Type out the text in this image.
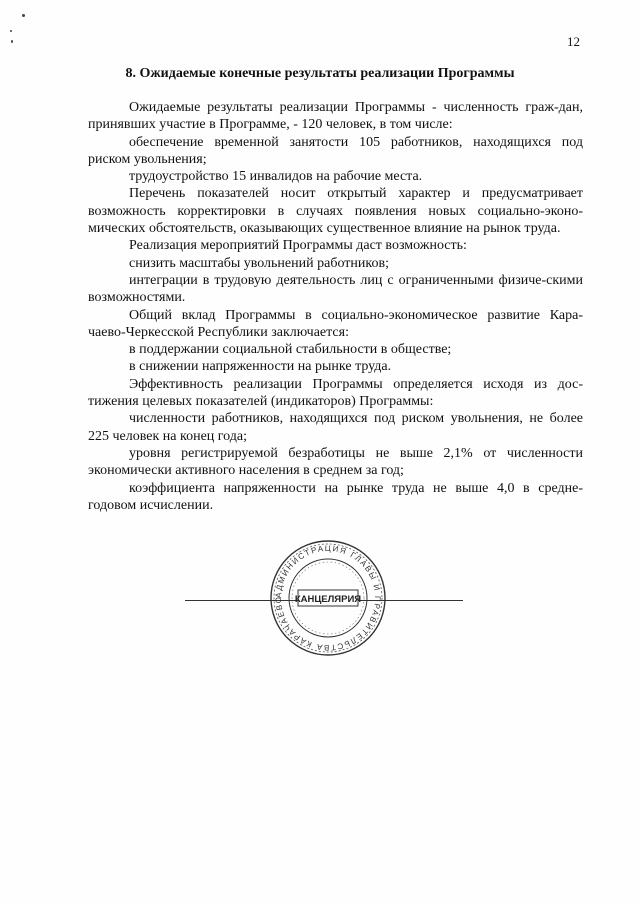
12
8. Ожидаемые конечные результаты реализации Программы

Ожидаемые результаты реализации Программы - численность граж-дан, принявших участие в Программе, - 120 человек, в том числе:

обеспечение временной занятости 105 работников, находящихся под риском увольнения;

трудоустройство 15 инвалидов на рабочие места.

Перечень показателей носит открытый характер и предусматривает возможность корректировки в случаях появления новых социально-эконо-мических обстоятельств, оказывающих существенное влияние на рынок труда.

Реализация мероприятий Программы даст возможность:

снизить масштабы увольнений работников;

интеграции в трудовую деятельность лиц с ограниченными физиче-скими возможностями.

Общий вклад Программы в социально-экономическое развитие Кара-чаево-Черкесской Республики заключается:

в поддержании социальной стабильности в обществе;

в снижении напряженности на рынке труда.

Эффективность реализации Программы определяется исходя из дос-тижения целевых показателей (индикаторов) Программы:

численности работников, находящихся под риском увольнения, не более 225 человек на конец года;

уровня регистрируемой безработицы не выше 2,1% от численности экономически активного населения в среднем за год;

коэффициента напряженности на рынке труда не выше 4,0 в средне-годовом исчислении.

АДМИНИСТРАЦИЯ ГЛАВЫ И ПРАВИТЕЛЬСТВА КАРАЧАЕВО	КАНЦЕЛЯРИЯ
